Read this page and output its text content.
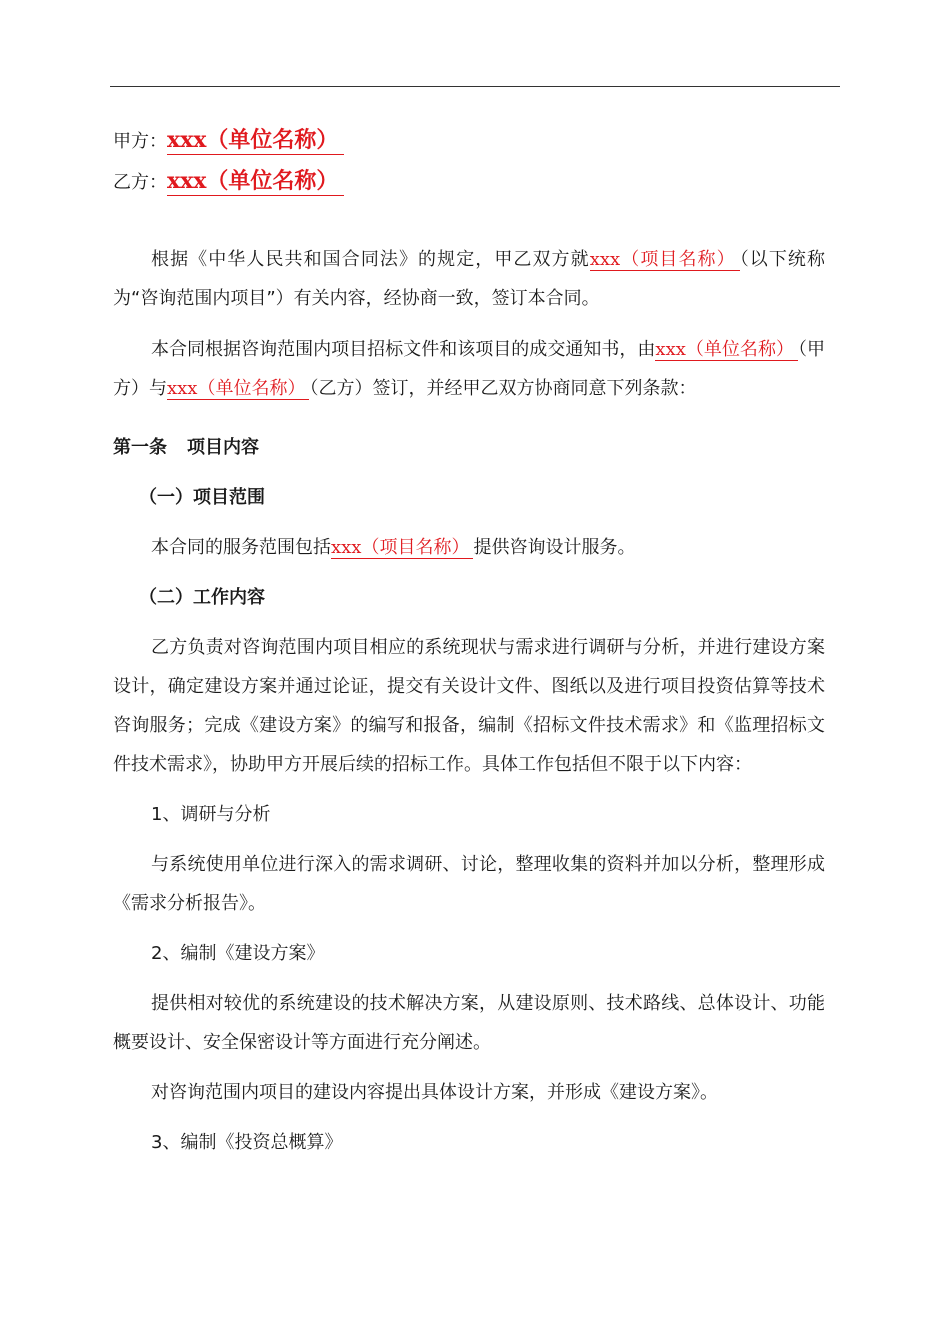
甲方：xxx（单位名称）
乙方：xxx（单位名称）

根据《中华人民共和国合同法》的规定，甲乙双方就xxx（项目名称） （以下统称为“咨询范围内项目”）有关内容，经协商一致，签订本合同。

本合同根据咨询范围内项目招标文件和该项目的成交通知书，由xxx（单位名称） （甲方）与xxx（单位名称） （乙方）签订，并经甲乙双方协商同意下列条款：

第一条 项目内容
（一）项目范围

本合同的服务范围包括xxx（项目名称） 提供咨询设计服务。

（二）工作内容

乙方负责对咨询范围内项目相应的系统现状与需求进行调研与分析，并进行建设方案设计，确定建设方案并通过论证，提交有关设计文件、图纸以及进行项目投资估算等技术咨询服务；完成《建设方案》的编写和报备，编制《招标文件技术需求》和《监理招标文件技术需求》，协助甲方开展后续的招标工作。具体工作包括但不限于以下内容：

1、调研与分析

与系统使用单位进行深入的需求调研、讨论，整理收集的资料并加以分析，整理形成《需求分析报告》。

2、编制《建设方案》

提供相对较优的系统建设的技术解决方案，从建设原则、技术路线、总体设计、功能概要设计、安全保密设计等方面进行充分阐述。

对咨询范围内项目的建设内容提出具体设计方案，并形成《建设方案》。

3、编制《投资总概算》
